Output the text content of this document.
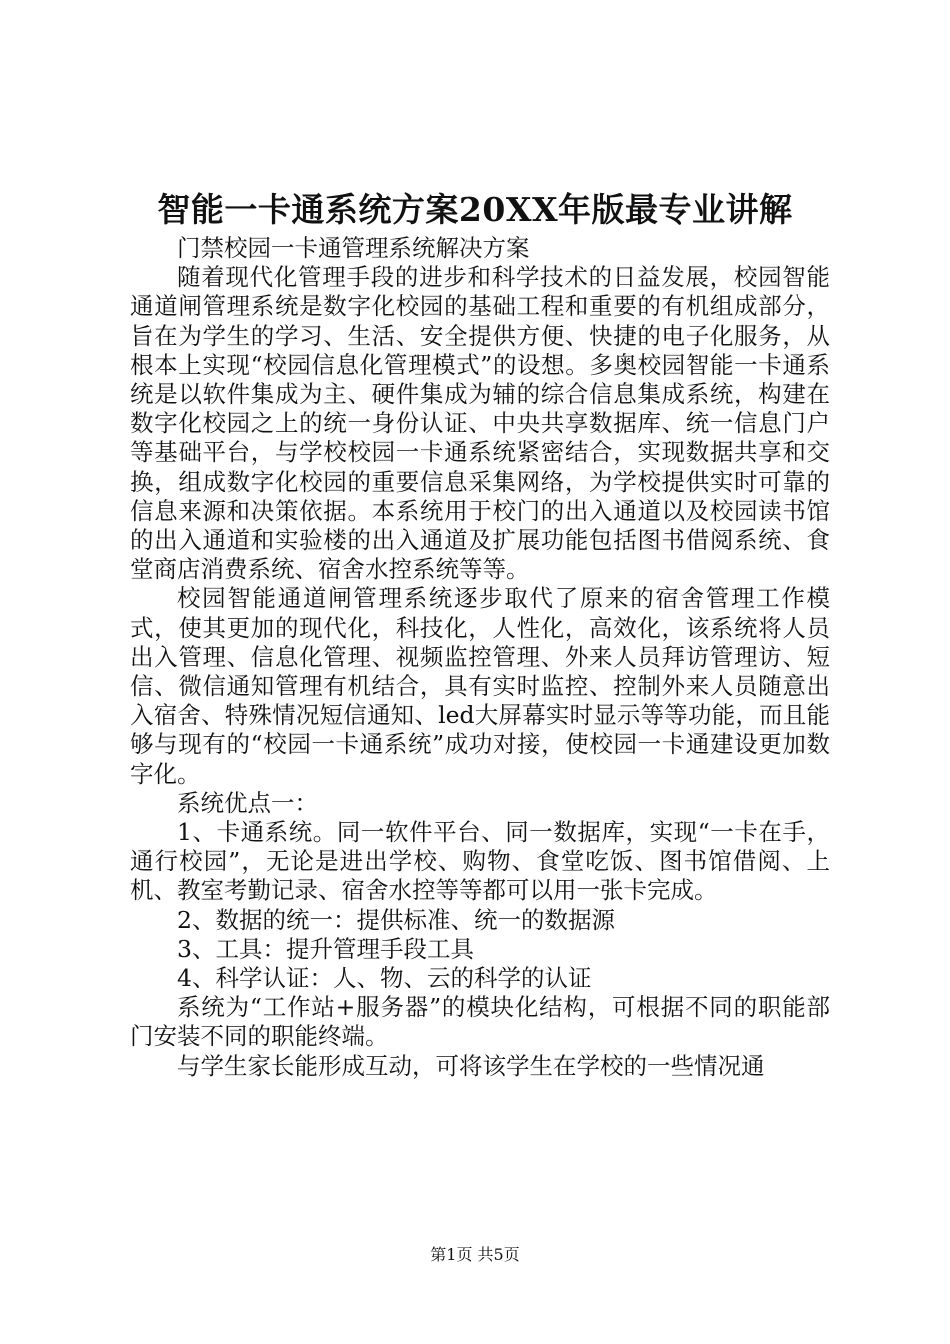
智能一卡通系统方案20XX年版最专业讲解

门禁校园一卡通管理系统解决方案

随着现代化管理手段的进步和科学技术的日益发展，校园智能通道闸管理系统是数字化校园的基础工程和重要的有机组成部分，旨在为学生的学习、生活、安全提供方便、快捷的电子化服务，从根本上实现“校园信息化管理模式”的设想。多奥校园智能一卡通系统是以软件集成为主、硬件集成为辅的综合信息集成系统，构建在数字化校园之上的统一身份认证、中央共享数据库、统一信息门户等基础平台，与学校校园一卡通系统紧密结合，实现数据共享和交换，组成数字化校园的重要信息采集网络，为学校提供实时可靠的信息来源和决策依据。本系统用于校门的出入通道以及校园读书馆的出入通道和实验楼的出入通道及扩展功能包括图书借阅系统、食堂商店消费系统、宿舍水控系统等等。

校园智能通道闸管理系统逐步取代了原来的宿舍管理工作模式，使其更加的现代化，科技化，人性化，高效化，该系统将人员出入管理、信息化管理、视频监控管理、外来人员拜访管理访、短信、微信通知管理有机结合，具有实时监控、控制外来人员随意出入宿舍、特殊情况短信通知、led大屏幕实时显示等等功能，而且能够与现有的“校园一卡通系统”成功对接，使校园一卡通建设更加数字化。

系统优点一：

1、卡通系统。同一软件平台、同一数据库，实现“一卡在手，通行校园”，无论是进出学校、购物、食堂吃饭、图书馆借阅、上机、教室考勤记录、宿舍水控等等都可以用一张卡完成。

2、数据的统一：提供标准、统一的数据源

3、工具：提升管理手段工具

4、科学认证：人、物、云的科学的认证

系统为“工作站+服务器”的模块化结构，可根据不同的职能部门安装不同的职能终端。

与学生家长能形成互动，可将该学生在学校的一些情况通

第1页 共5页
